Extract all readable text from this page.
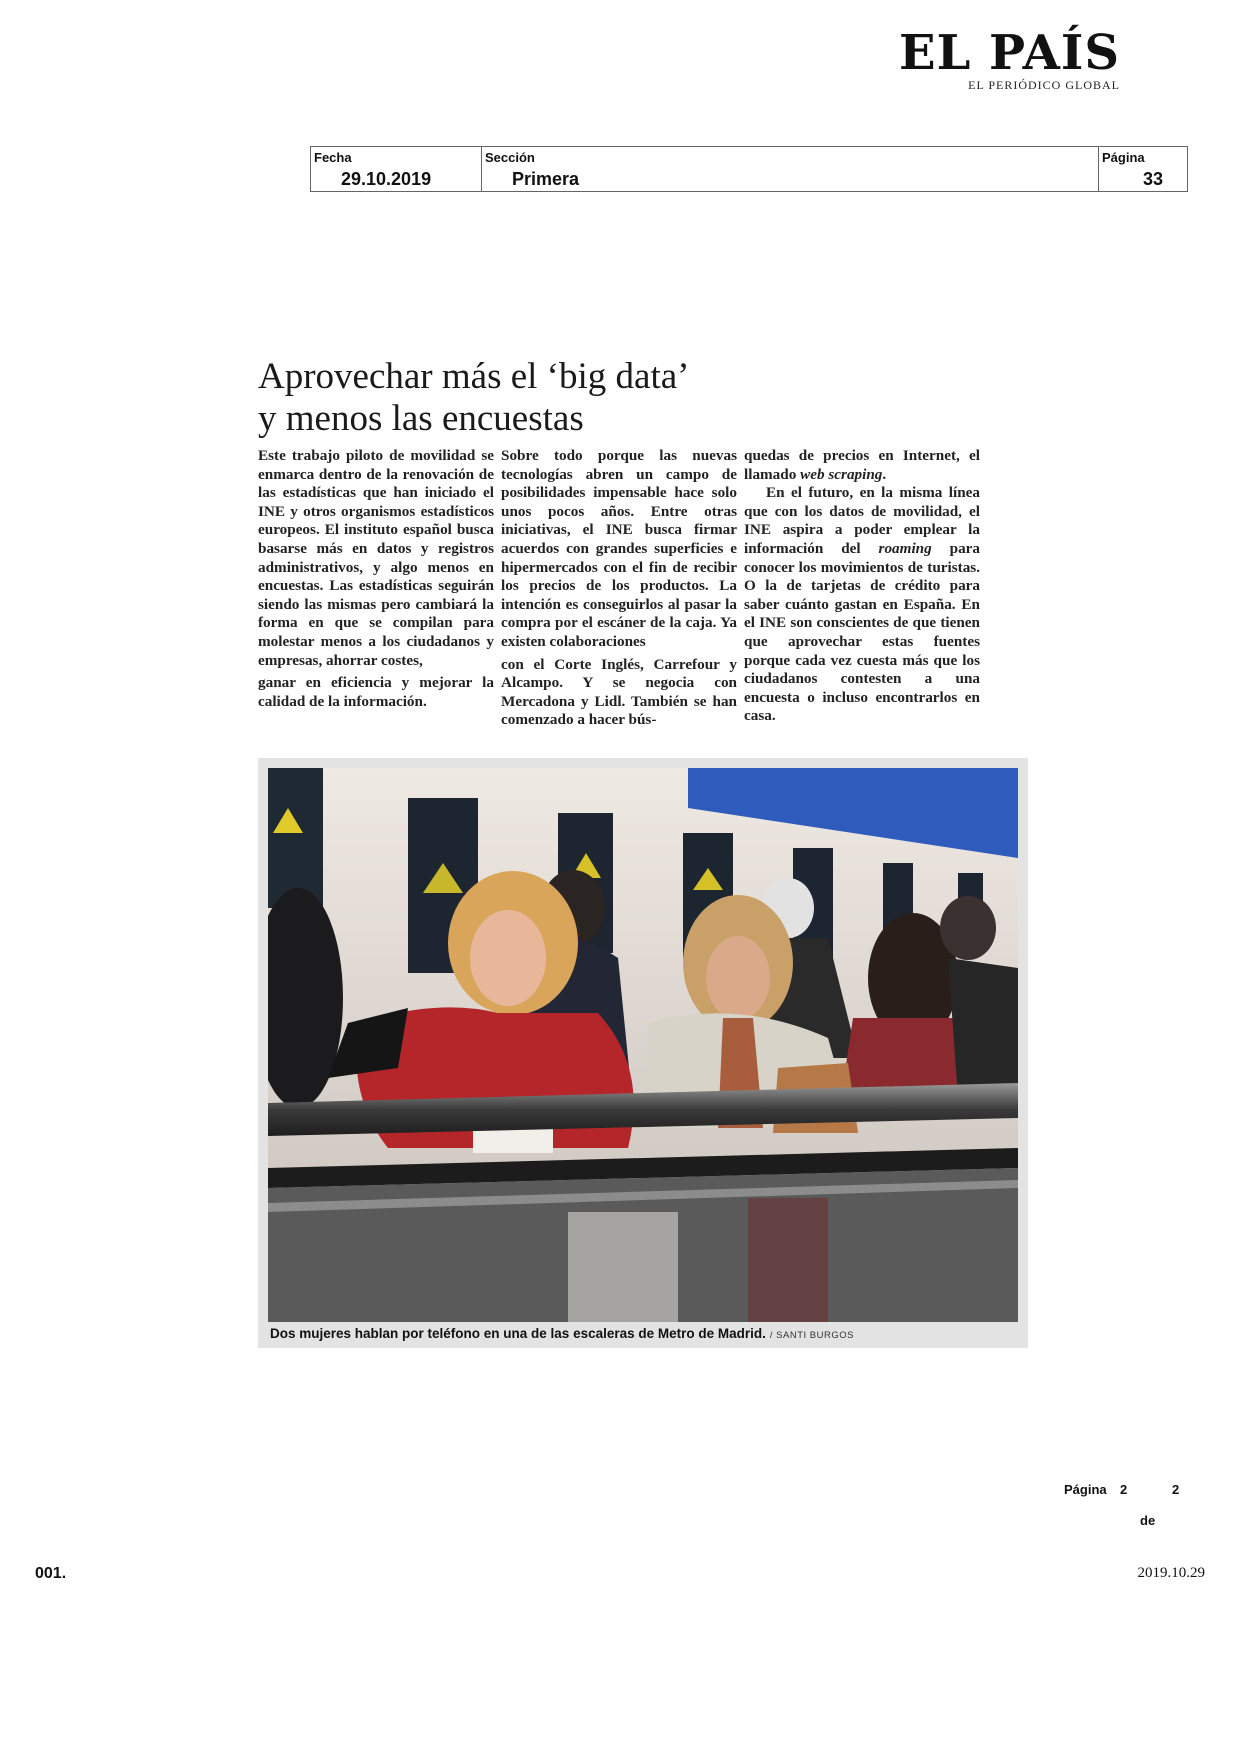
EL PAÍS
EL PERIÓDICO GLOBAL
Fecha
29.10.2019
Sección
Primera
Página
33
Aprovechar más el ‘big data’
y menos las encuestas

Este trabajo piloto de movilidad se enmarca dentro de la renovación de las estadísticas que han iniciado el INE y otros organismos estadísticos europeos. El instituto español busca basarse más en datos y registros administrativos, y algo menos en encuestas. Las estadísticas seguirán siendo las mismas pero cambiará la forma en que se compilan para molestar menos a los ciudadanos y empresas, ahorrar costes,

ganar en eficiencia y mejorar la calidad de la información.

Sobre todo porque las nuevas tecnologías abren un campo de posibilidades impensable hace solo unos pocos años. Entre otras iniciativas, el INE busca firmar acuerdos con grandes superficies e hipermercados con el fin de recibir los precios de los productos. La intención es conseguirlos al pasar la compra por el escáner de la caja. Ya existen colaboraciones

con el Corte Inglés, Carrefour y Alcampo. Y se negocia con Mercadona y Lidl. También se han comenzado a hacer bús-

quedas de precios en Internet, el llamado web scraping.

En el futuro, en la misma línea que con los datos de movilidad, el INE aspira a poder emplear la información del roaming para conocer los movimientos de turistas. O la de tarjetas de crédito para saber cuánto gastan en España. En el INE son conscientes de que tienen que aprovechar estas fuentes porque cada vez cuesta más que los ciudadanos contesten a una encuesta o incluso encontrarlos en casa.

Dos mujeres hablan por teléfono en una de las escaleras de Metro de Madrid. / SANTI BURGOS
Página 2	2
de
001.	2019.10.29
